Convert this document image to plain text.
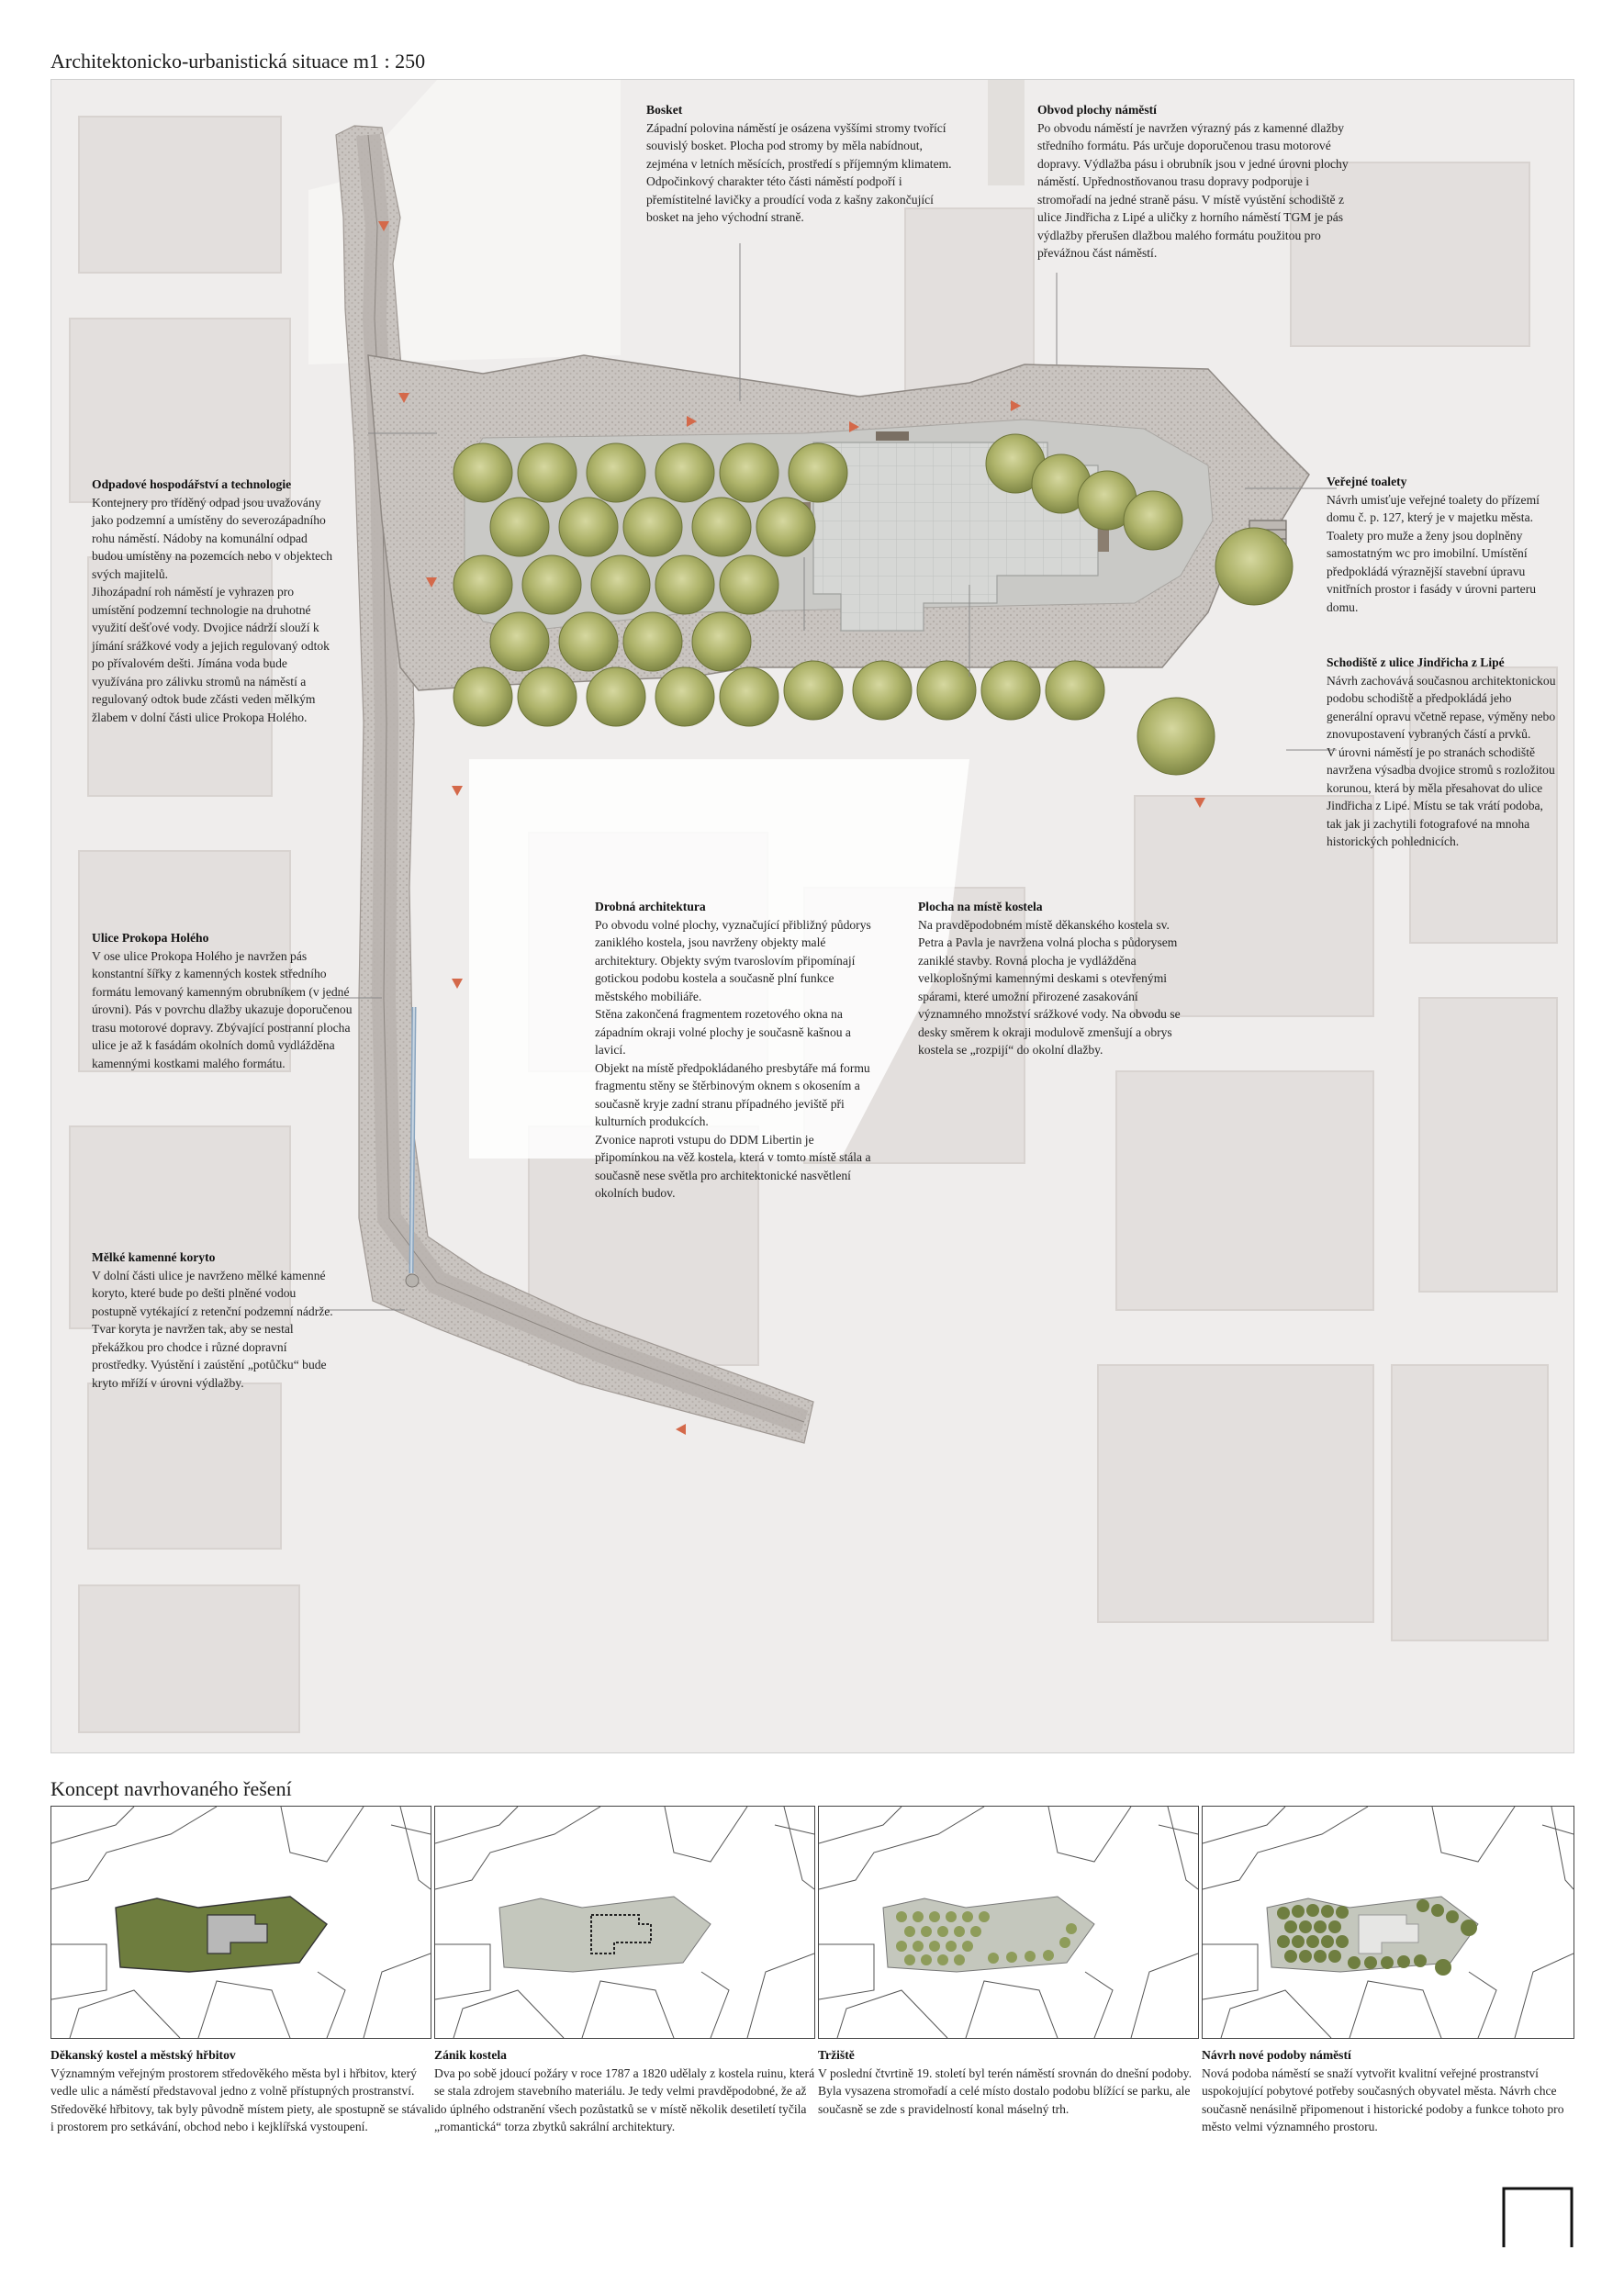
Architektonicko-urbanistická situace m1 : 250
Bosket

Západní polovina náměstí je osázena vyššími stromy tvořící souvislý bosket. Plocha pod stromy by měla nabídnout, zejména v letních měsících, prostředí s příjemným klimatem. Odpočinkový charakter této části náměstí podpoří i přemístitelné lavičky a proudící voda z kašny zakončující bosket na jeho východní straně.

Obvod plochy náměstí

Po obvodu náměstí je navržen výrazný pás z kamenné dlažby středního formátu. Pás určuje doporučenou trasu motorové dopravy. Výdlažba pásu i obrubník jsou v jedné úrovni plochy náměstí. Upřednostňovanou trasu dopravy podporuje i stromořadí na jedné straně pásu. V místě vyústění schodiště z ulice Jindřicha z Lipé a uličky z horního náměstí TGM je pás výdlažby přerušen dlažbou malého formátu použitou pro převážnou část náměstí.

Odpadové hospodářství a technologie

Kontejnery pro tříděný odpad jsou uvažovány jako podzemní a umístěny do severozápadního rohu náměstí. Nádoby na komunální odpad budou umístěny na pozemcích nebo v objektech svých majitelů.

Jihozápadní roh náměstí je vyhrazen pro umístění podzemní technologie na druhotné využití dešťové vody. Dvojice nádrží slouží k jímání srážkové vody a jejich regulovaný odtok po přívalovém dešti. Jímána voda bude využívána pro zálivku stromů na náměstí a regulovaný odtok bude zčásti veden mělkým žlabem v dolní části ulice Prokopa Holého.

Veřejné toalety

Návrh umisťuje veřejné toalety do přízemí domu č. p. 127, který je v majetku města. Toalety pro muže a ženy jsou doplněny samostatným wc pro imobilní. Umístění předpokládá výraznější stavební úpravu vnitřních prostor i fasády v úrovni parteru domu.

Schodiště z ulice Jindřicha z Lipé

Návrh zachovává současnou architektonickou podobu schodiště a předpokládá jeho generální opravu včetně repase, výměny nebo znovupostavení vybraných částí a prvků.

V úrovni náměstí je po stranách schodiště navržena výsadba dvojice stromů s rozložitou korunou, která by měla přesahovat do ulice Jindřicha z Lipé. Místu se tak vrátí podoba, tak jak ji zachytili fotografové na mnoha historických pohlednicích.

Ulice Prokopa Holého

V ose ulice Prokopa Holého je navržen pás konstantní šířky z kamenných kostek středního formátu lemovaný kamenným obrubníkem (v jedné úrovni). Pás v povrchu dlažby ukazuje doporučenou trasu motorové dopravy. Zbývající postranní plocha ulice je až k fasádám okolních domů vydlážděna kamennými kostkami malého formátu.

Drobná architektura

Po obvodu volné plochy, vyznačující přibližný půdorys zaniklého kostela, jsou navrženy objekty malé architektury. Objekty svým tvaroslovím připomínají gotickou podobu kostela a současně plní funkce městského mobiliáře.

Stěna zakončená fragmentem rozetového okna na západním okraji volné plochy je současně kašnou a lavicí.

Objekt na místě předpokládaného presbytáře má formu fragmentu stěny se štěrbinovým oknem s okosením a současně kryje zadní stranu případného jeviště při kulturních produkcích.

Zvonice naproti vstupu do DDM Libertin je připomínkou na věž kostela, která v tomto místě stála a současně nese světla pro architektonické nasvětlení okolních budov.

Plocha na místě kostela

Na pravděpodobném místě děkanského kostela sv. Petra a Pavla je navržena volná plocha s půdorysem zaniklé stavby. Rovná plocha je vydlážděna velkoplošnými kamennými deskami s otevřenými spárami, které umožní přirozené zasakování významného množství srážkové vody. Na obvodu se desky směrem k okraji modulově zmenšují a obrys kostela se „rozpijí“ do okolní dlažby.

Mělké kamenné koryto

V dolní části ulice je navrženo mělké kamenné koryto, které bude po dešti plněné vodou postupně vytékající z retenční podzemní nádrže. Tvar koryta je navržen tak, aby se nestal překážkou pro chodce i různé dopravní prostředky. Vyústění i zaústění „potůčku“ bude kryto mříží v úrovni výdlažby.

Koncept navrhovaného řešení
Děkanský kostel a městský hřbitov

Významným veřejným prostorem středověkého města byl i hřbitov, který vedle ulic a náměstí představoval jedno z volně přístupných prostranství. Středověké hřbitovy, tak byly původně místem piety, ale spostupně se stávali i prostorem pro setkávání, obchod nebo i kejklířská vystoupení.

Zánik kostela

Dva po sobě jdoucí požáry v roce 1787 a 1820 udělaly z kostela ruinu, která se stala zdrojem stavebního materiálu. Je tedy velmi pravděpodobné, že až do úplného odstranění všech pozůstatků se v místě několik desetiletí tyčila „romantická“ torza zbytků sakrální architektury.

Tržiště

V poslední čtvrtině 19. století byl terén náměstí srovnán do dnešní podoby. Byla vysazena stromořadí a celé místo dostalo podobu blížící se parku, ale současně se zde s pravidelností konal máselný trh.

Návrh nové podoby náměstí

Nová podoba náměstí se snaží vytvořit kvalitní veřejné prostranství uspokojující pobytové potřeby současných obyvatel města. Návrh chce současně nenásilně připomenout i historické podoby a funkce tohoto pro město velmi významného prostoru.
